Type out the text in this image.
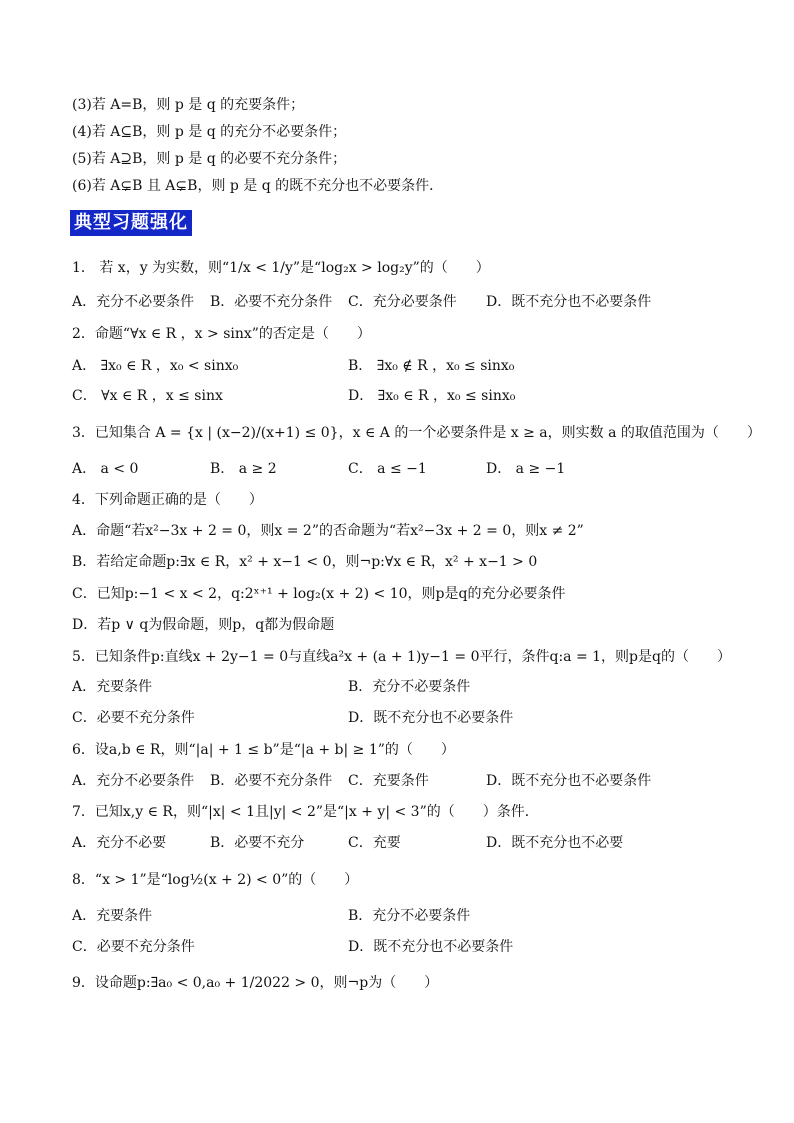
(3)若 A=B，则 p 是 q 的充要条件；
(4)若 A⊆B，则 p 是 q 的充分不必要条件；
(5)若 A⊇B，则 p 是 q 的必要不充分条件；
(6)若 A⊊B 且 A⊊B，则 p 是 q 的既不充分也不必要条件．
典型习题强化
1． 若 x，y 为实数，则“1/x < 1/y”是“log₂x > log₂y”的（　　）
A．充分不必要条件 B．必要不充分条件 C．充分必要条件 D．既不充分也不必要条件
2．命题“∀x ∈ R ，x > sinx”的否定是（　　）
A． ∃x₀ ∈ R ，x₀ < sinx₀	B． ∃x₀ ∉ R ，x₀ ≤ sinx₀
C． ∀x ∈ R ，x ≤ sinx	D． ∃x₀ ∈ R ，x₀ ≤ sinx₀
3．已知集合 A = {x | (x−2)/(x+1) ≤ 0}，x ∈ A 的一个必要条件是 x ≥ a，则实数 a 的取值范围为（　　）
A． a < 0	B． a ≥ 2	C． a ≤ −1	D． a ≥ −1
4．下列命题正确的是（　　）
A．命题“若x²−3x + 2 = 0，则x = 2”的否命题为“若x²−3x + 2 = 0，则x ≠ 2”
B．若给定命题p:∃x ∈ R，x² + x−1 < 0，则¬p:∀x ∈ R，x² + x−1 > 0
C．已知p:−1 < x < 2，q:2ˣ⁺¹ + log₂(x + 2) < 10，则p是q的充分必要条件
D．若p ∨ q为假命题，则p，q都为假命题
5．已知条件p:直线x + 2y−1 = 0与直线a²x + (a + 1)y−1 = 0平行，条件q:a = 1，则p是q的（　　）
A．充要条件	B．充分不必要条件
C．必要不充分条件	D．既不充分也不必要条件
6．设a,b ∈ R，则“|a| + 1 ≤ b”是“|a + b| ≥ 1”的（　　）
A．充分不必要条件 B．必要不充分条件 C．充要条件	D．既不充分也不必要条件
7．已知x,y ∈ R，则“|x| < 1且|y| < 2”是“|x + y| < 3”的（　　）条件．
A．充分不必要	B．必要不充分	C．充要	D．既不充分也不必要
8．“x > 1”是“log½(x + 2) < 0”的（　　）
A．充要条件	B．充分不必要条件
C．必要不充分条件	D．既不充分也不必要条件
9．设命题p:∃a₀ < 0,a₀ + 1/2022 > 0，则¬p为（　　）
